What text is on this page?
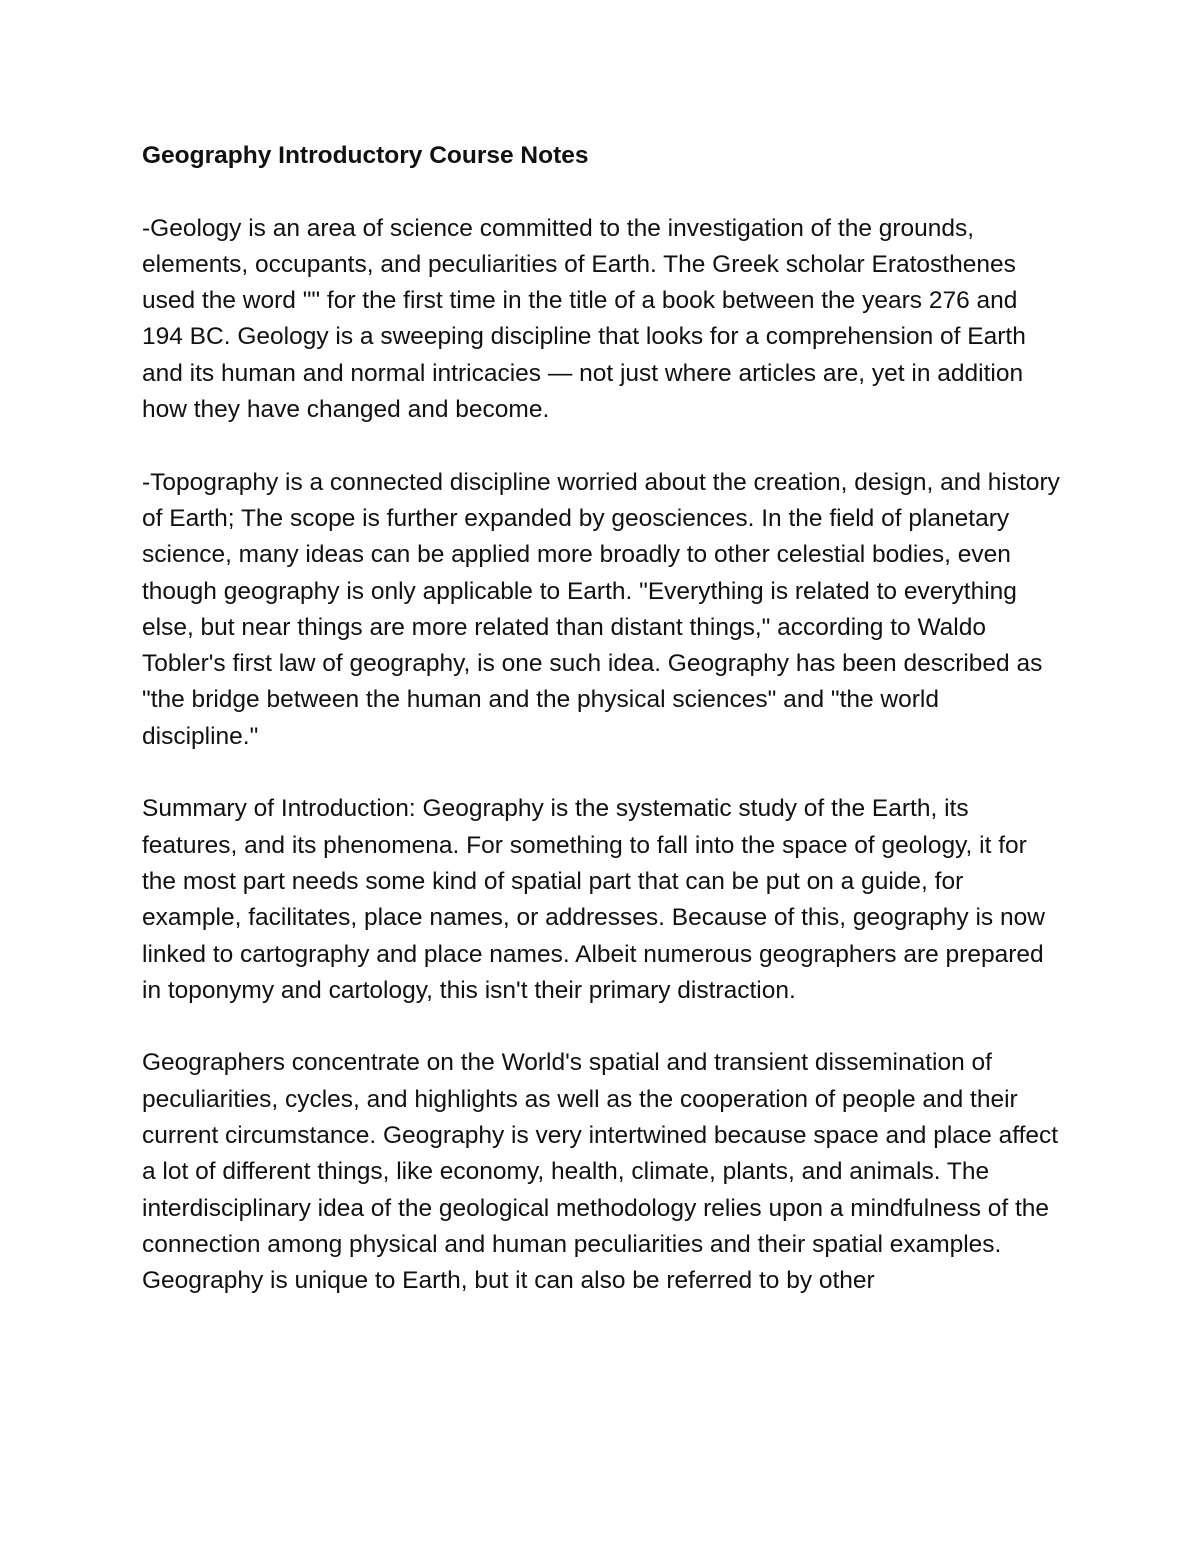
Geography Introductory Course Notes
-Geology is an area of science committed to the investigation of the grounds, elements, occupants, and peculiarities of Earth. The Greek scholar Eratosthenes used the word "" for the first time in the title of a book between the years 276 and 194 BC. Geology is a sweeping discipline that looks for a comprehension of Earth and its human and normal intricacies — not just where articles are, yet in addition how they have changed and become.
-Topography is a connected discipline worried about the creation, design, and history of Earth; The scope is further expanded by geosciences. In the field of planetary science, many ideas can be applied more broadly to other celestial bodies, even though geography is only applicable to Earth. "Everything is related to everything else, but near things are more related than distant things," according to Waldo Tobler's first law of geography, is one such idea. Geography has been described as "the bridge between the human and the physical sciences" and "the world discipline."
Summary of Introduction: Geography is the systematic study of the Earth, its features, and its phenomena. For something to fall into the space of geology, it for the most part needs some kind of spatial part that can be put on a guide, for example, facilitates, place names, or addresses. Because of this, geography is now linked to cartography and place names. Albeit numerous geographers are prepared in toponymy and cartology, this isn't their primary distraction.
Geographers concentrate on the World's spatial and transient dissemination of peculiarities, cycles, and highlights as well as the cooperation of people and their current circumstance. Geography is very intertwined because space and place affect a lot of different things, like economy, health, climate, plants, and animals. The interdisciplinary idea of the geological methodology relies upon a mindfulness of the connection among physical and human peculiarities and their spatial examples. Geography is unique to Earth, but it can also be referred to by other
